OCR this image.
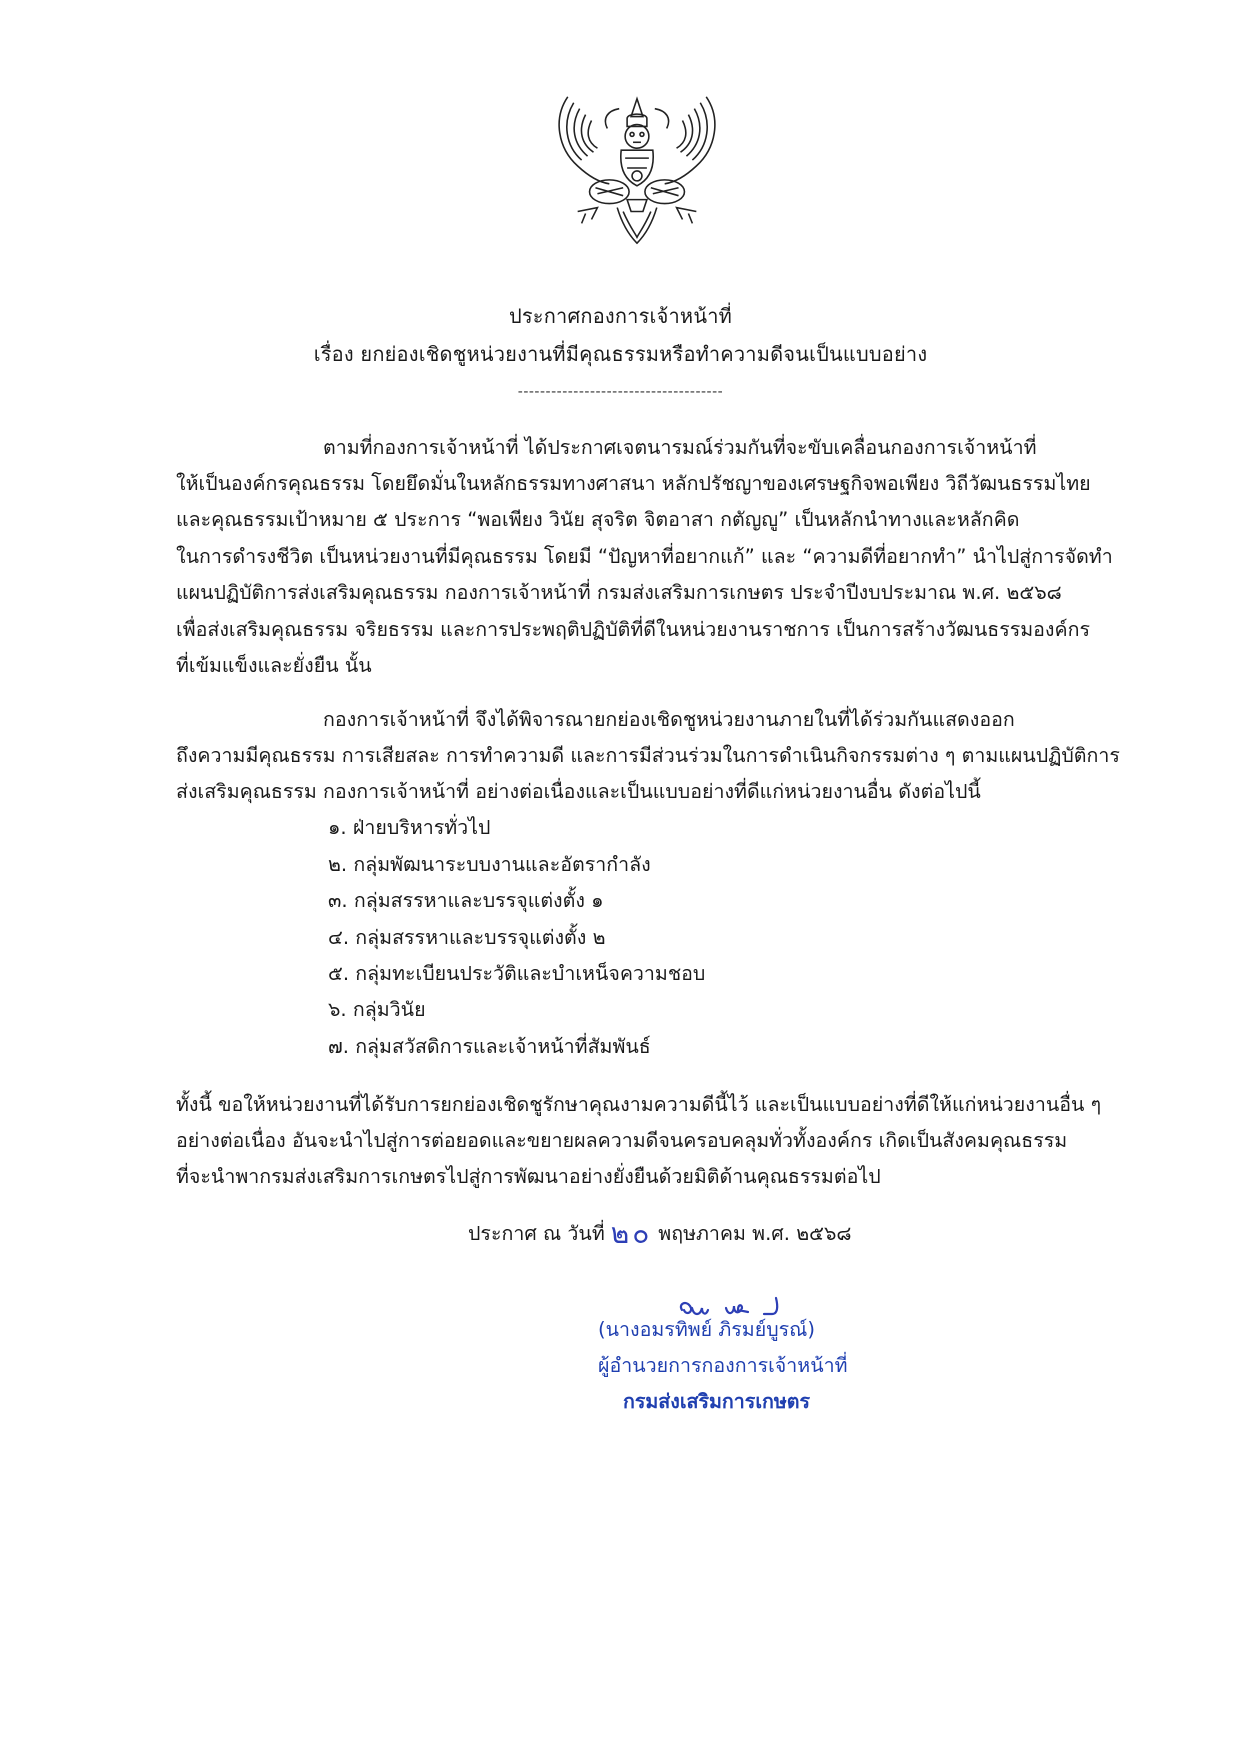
ประกาศกองการเจ้าหน้าที่
เรื่อง ยกย่องเชิดชูหน่วยงานที่มีคุณธรรมหรือทำความดีจนเป็นแบบอย่าง
-------------------------------------
ตามที่กองการเจ้าหน้าที่ ได้ประกาศเจตนารมณ์ร่วมกันที่จะขับเคลื่อนกองการเจ้าหน้าที่
ให้เป็นองค์กรคุณธรรม โดยยึดมั่นในหลักธรรมทางศาสนา หลักปรัชญาของเศรษฐกิจพอเพียง วิถีวัฒนธรรมไทย
และคุณธรรมเป้าหมาย ๕ ประการ “พอเพียง วินัย สุจริต จิตอาสา กตัญญู” เป็นหลักนำทางและหลักคิด
ในการดำรงชีวิต เป็นหน่วยงานที่มีคุณธรรม โดยมี “ปัญหาที่อยากแก้” และ “ความดีที่อยากทำ” นำไปสู่การจัดทำ
แผนปฏิบัติการส่งเสริมคุณธรรม กองการเจ้าหน้าที่ กรมส่งเสริมการเกษตร ประจำปีงบประมาณ พ.ศ. ๒๕๖๘
เพื่อส่งเสริมคุณธรรม จริยธรรม และการประพฤติปฏิบัติที่ดีในหน่วยงานราชการ เป็นการสร้างวัฒนธรรมองค์กร
ที่เข้มแข็งและยั่งยืน นั้น
กองการเจ้าหน้าที่ จึงได้พิจารณายกย่องเชิดชูหน่วยงานภายในที่ได้ร่วมกันแสดงออก
ถึงความมีคุณธรรม การเสียสละ การทำความดี และการมีส่วนร่วมในการดำเนินกิจกรรมต่าง ๆ ตามแผนปฏิบัติการ
ส่งเสริมคุณธรรม กองการเจ้าหน้าที่ อย่างต่อเนื่องและเป็นแบบอย่างที่ดีแก่หน่วยงานอื่น ดังต่อไปนี้
๑. ฝ่ายบริหารทั่วไป
๒. กลุ่มพัฒนาระบบงานและอัตรากำลัง
๓. กลุ่มสรรหาและบรรจุแต่งตั้ง ๑
๔. กลุ่มสรรหาและบรรจุแต่งตั้ง ๒
๕. กลุ่มทะเบียนประวัติและบำเหน็จความชอบ
๖. กลุ่มวินัย
๗. กลุ่มสวัสดิการและเจ้าหน้าที่สัมพันธ์
ทั้งนี้ ขอให้หน่วยงานที่ได้รับการยกย่องเชิดชูรักษาคุณงามความดีนี้ไว้ และเป็นแบบอย่างที่ดีให้แก่หน่วยงานอื่น ๆ
อย่างต่อเนื่อง อันจะนำไปสู่การต่อยอดและขยายผลความดีจนครอบคลุมทั่วทั้งองค์กร เกิดเป็นสังคมคุณธรรม
ที่จะนำพากรมส่งเสริมการเกษตรไปสู่การพัฒนาอย่างยั่งยืนด้วยมิติด้านคุณธรรมต่อไป
ประกาศ ณ วันที่ ๒๐ พฤษภาคม พ.ศ. ๒๕๖๘
(นางอมรทิพย์ ภิรมย์บูรณ์)
ผู้อำนวยการกองการเจ้าหน้าที่
กรมส่งเสริมการเกษตร
